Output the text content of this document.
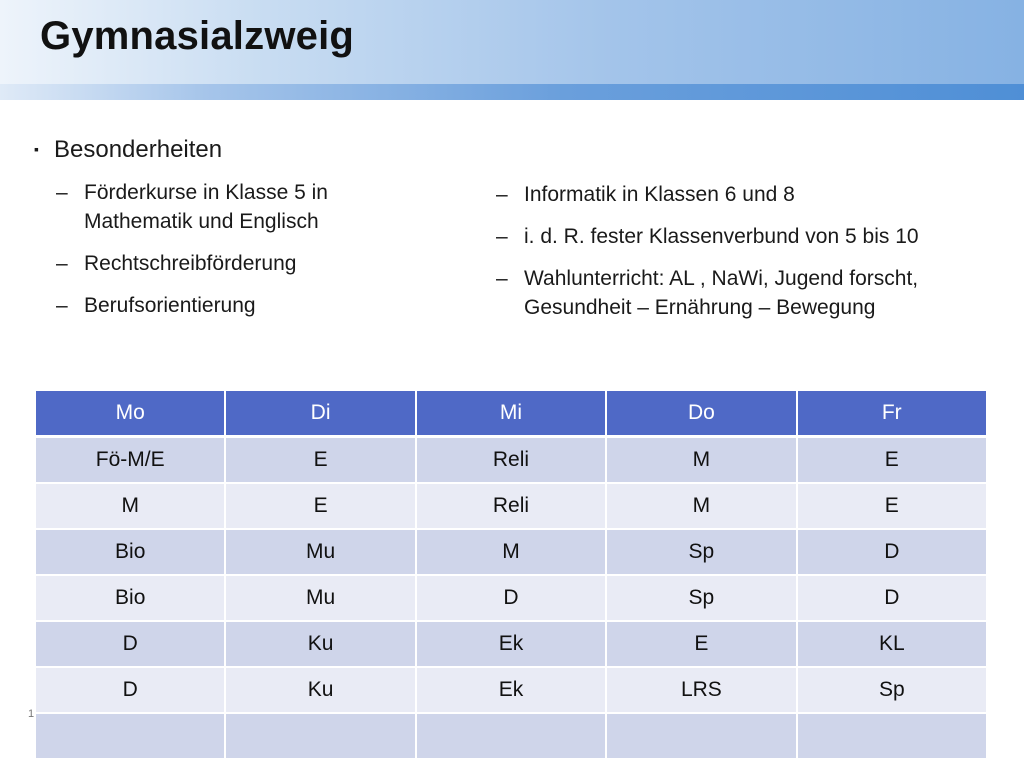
Gymnasialzweig
▪ Besonderheiten
– Förderkurse in Klasse 5 in Mathematik und Englisch
– Rechtschreibförderung
– Berufsorientierung
– Informatik in Klassen 6 und 8
– i. d. R. fester Klassenverbund von 5 bis 10
– Wahlunterricht: AL , NaWi, Jugend forscht, Gesundheit – Ernährung – Bewegung
1
Mo	Di	Mi	Do	Fr
Fö-M/E	E	Reli	M	E
M	E	Reli	M	E
Bio	Mu	M	Sp	D
Bio	Mu	D	Sp	D
D	Ku	Ek	E	KL
D	Ku	Ek	LRS	Sp
